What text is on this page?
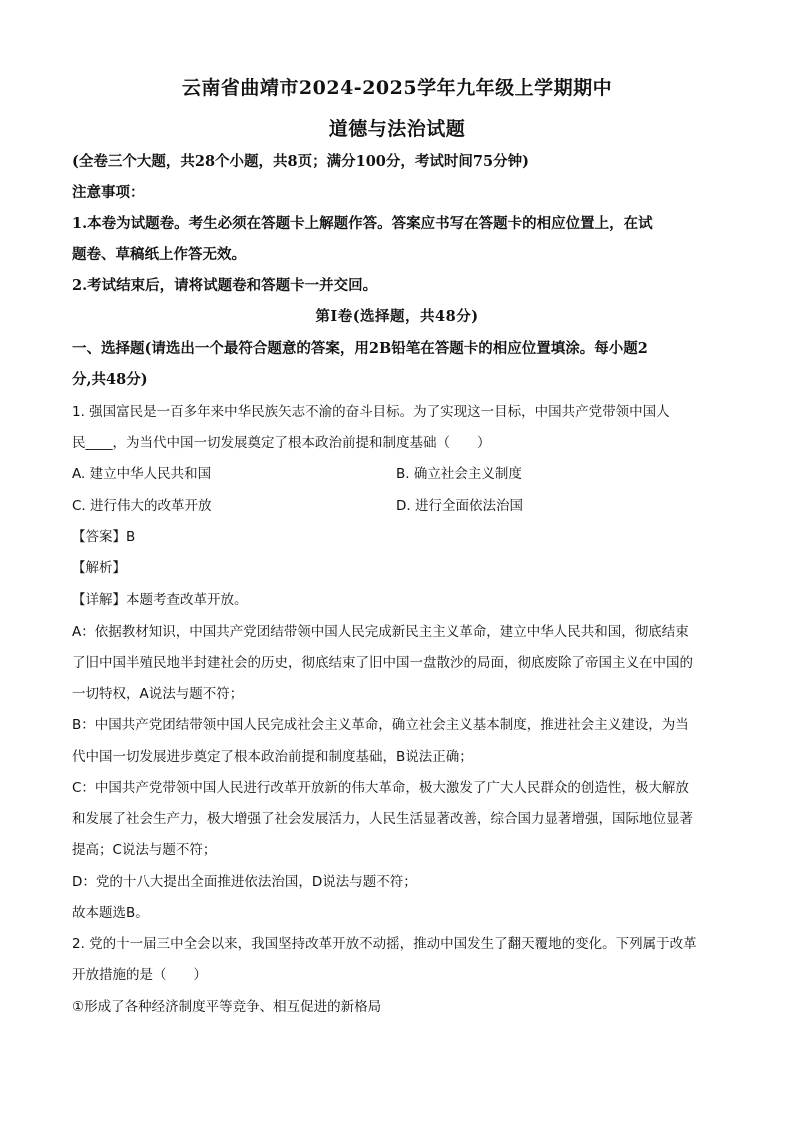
云南省曲靖市2024-2025学年九年级上学期期中
道德与法治试题
(全卷三个大题，共28个小题，共8页；满分100分，考试时间75分钟)
注意事项：
1.本卷为试题卷。考生必须在答题卡上解题作答。答案应书写在答题卡的相应位置上，在试
题卷、草稿纸上作答无效。
2.考试结束后，请将试题卷和答题卡一并交回。
第Ⅰ卷(选择题，共48分)
一、选择题(请选出一个最符合题意的答案，用2B铅笔在答题卡的相应位置填涂。每小题2
分,共48分)
1. 强国富民是一百多年来中华民族矢志不渝的奋斗目标。为了实现这一目标，中国共产党带领中国人
民____，为当代中国一切发展奠定了根本政治前提和制度基础（　　）
A. 建立中华人民共和国	B. 确立社会主义制度
C. 进行伟大的改革开放	D. 进行全面依法治国
【答案】B
【解析】
【详解】本题考查改革开放。
A：依据教材知识，中国共产党团结带领中国人民完成新民主主义革命，建立中华人民共和国，彻底结束
了旧中国半殖民地半封建社会的历史，彻底结束了旧中国一盘散沙的局面，彻底废除了帝国主义在中国的
一切特权，A说法与题不符；
B：中国共产党团结带领中国人民完成社会主义革命，确立社会主义基本制度，推进社会主义建设，为当
代中国一切发展进步奠定了根本政治前提和制度基础，B说法正确；
C：中国共产党带领中国人民进行改革开放新的伟大革命，极大激发了广大人民群众的创造性，极大解放
和发展了社会生产力，极大增强了社会发展活力，人民生活显著改善，综合国力显著增强，国际地位显著
提高；C说法与题不符；
D：党的十八大提出全面推进依法治国，D说法与题不符；
故本题选B。
2. 党的十一届三中全会以来，我国坚持改革开放不动摇，推动中国发生了翻天覆地的变化。下列属于改革
开放措施的是（　　）
①形成了各种经济制度平等竞争、相互促进的新格局
